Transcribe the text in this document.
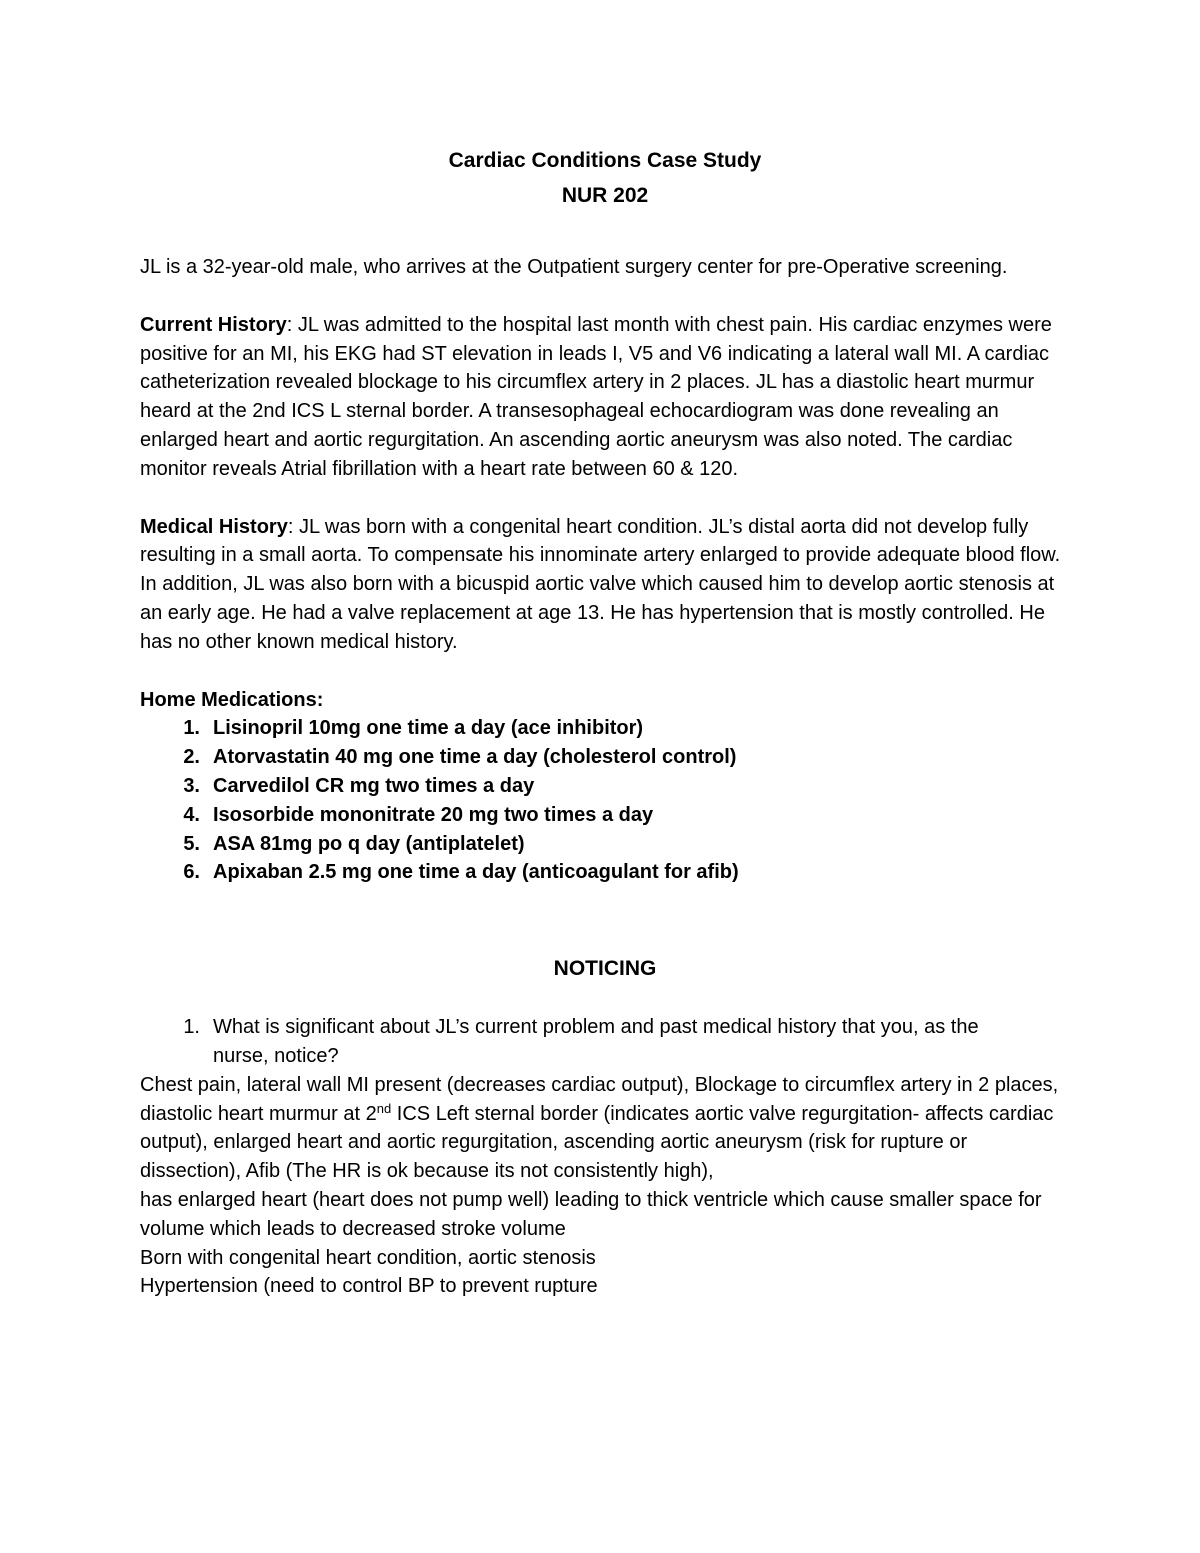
Cardiac Conditions Case Study

NUR 202

JL is a 32-year-old male, who arrives at the Outpatient surgery center for pre-Operative screening.

Current History: JL was admitted to the hospital last month with chest pain. His cardiac enzymes were positive for an MI, his EKG had ST elevation in leads I, V5 and V6 indicating a lateral wall MI. A cardiac catheterization revealed blockage to his circumflex artery in 2 places. JL has a diastolic heart murmur heard at the 2nd ICS L sternal border. A transesophageal echocardiogram was done revealing an enlarged heart and aortic regurgitation. An ascending aortic aneurysm was also noted. The cardiac monitor reveals Atrial fibrillation with a heart rate between 60 & 120.

Medical History: JL was born with a congenital heart condition. JL’s distal aorta did not develop fully resulting in a small aorta. To compensate his innominate artery enlarged to provide adequate blood flow. In addition, JL was also born with a bicuspid aortic valve which caused him to develop aortic stenosis at an early age. He had a valve replacement at age 13. He has hypertension that is mostly controlled. He has no other known medical history.

Home Medications:

1. Lisinopril 10mg one time a day (ace inhibitor)
2. Atorvastatin 40 mg one time a day (cholesterol control)
3. Carvedilol CR mg two times a day
4. Isosorbide mononitrate 20 mg two times a day
5. ASA 81mg po q day (antiplatelet)
6. Apixaban 2.5 mg one time a day (anticoagulant for afib)

NOTICING

1. What is significant about JL’s current problem and past medical history that you, as the nurse, notice?

Chest pain, lateral wall MI present (decreases cardiac output), Blockage to circumflex artery in 2 places, diastolic heart murmur at 2nd ICS Left sternal border (indicates aortic valve regurgitation- affects cardiac output), enlarged heart and aortic regurgitation, ascending aortic aneurysm (risk for rupture or dissection), Afib (The HR is ok because its not consistently high),

has enlarged heart (heart does not pump well) leading to thick ventricle which cause smaller space for volume which leads to decreased stroke volume

Born with congenital heart condition, aortic stenosis

Hypertension (need to control BP to prevent rupture
